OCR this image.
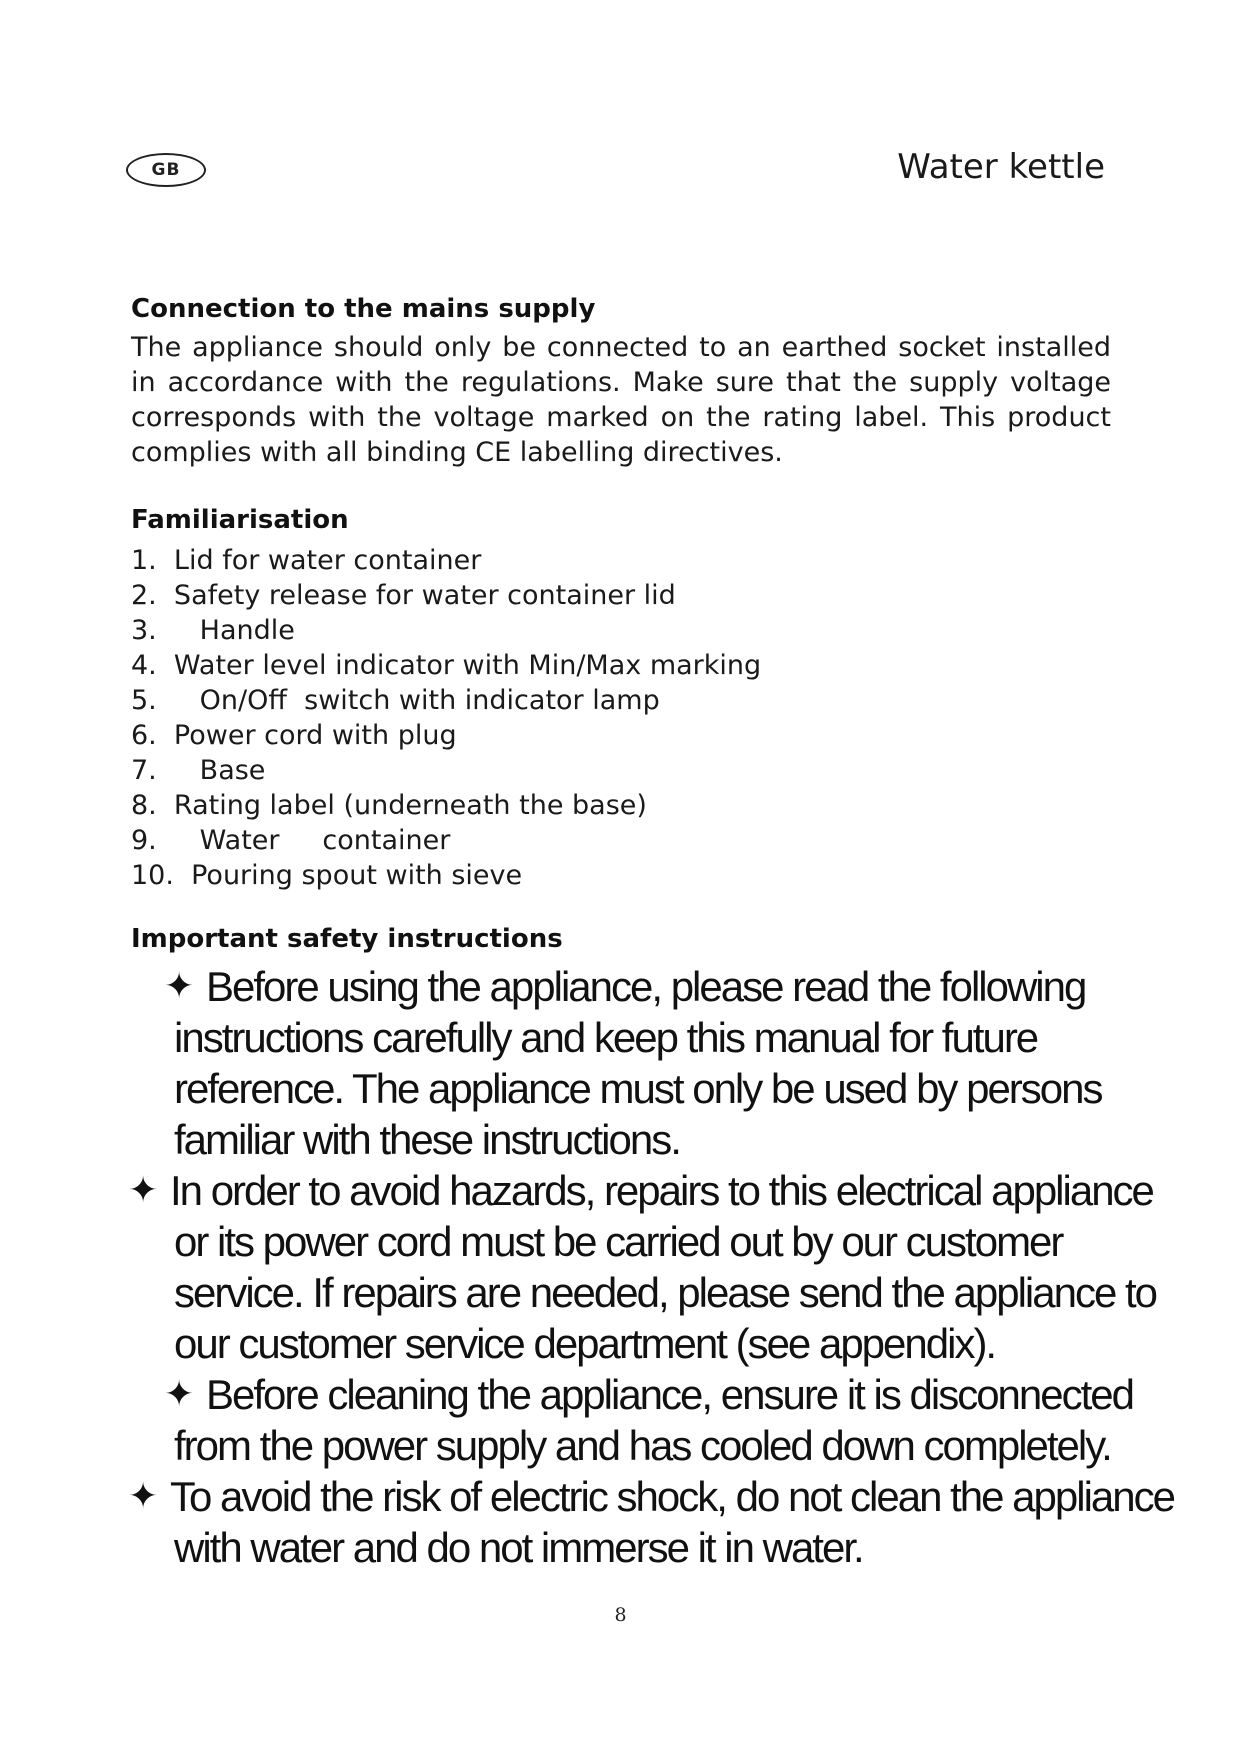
GB	Water kettle
Connection to the mains supply
The appliance should only be connected to an earthed socket installed in accordance with the regulations. Make sure that the supply voltage corresponds with the voltage marked on the rating label. This product complies with all binding CE labelling directives.
Familiarisation
1.  Lid for water container
2.  Safety release for water container lid
3.     Handle
4.  Water level indicator with Min/Max marking
5.     On/Off  switch with indicator lamp
6.  Power cord with plug
7.     Base
8.  Rating label (underneath the base)
9.     Water     container
10.  Pouring spout with sieve
Important safety instructions
✦ Before using the appliance, please read the following
instructions carefully and keep this manual for future
reference. The appliance must only be used by persons
familiar with these instructions.
✦ In order to avoid hazards, repairs to this electrical appliance
or its power cord must be carried out by our customer
service. If repairs are needed, please send the appliance to
our customer service department (see appendix).
✦ Before cleaning the appliance, ensure it is disconnected
from the power supply and has cooled down completely.
✦ To avoid the risk of electric shock, do not clean the appliance
with water and do not immerse it in water.
8
